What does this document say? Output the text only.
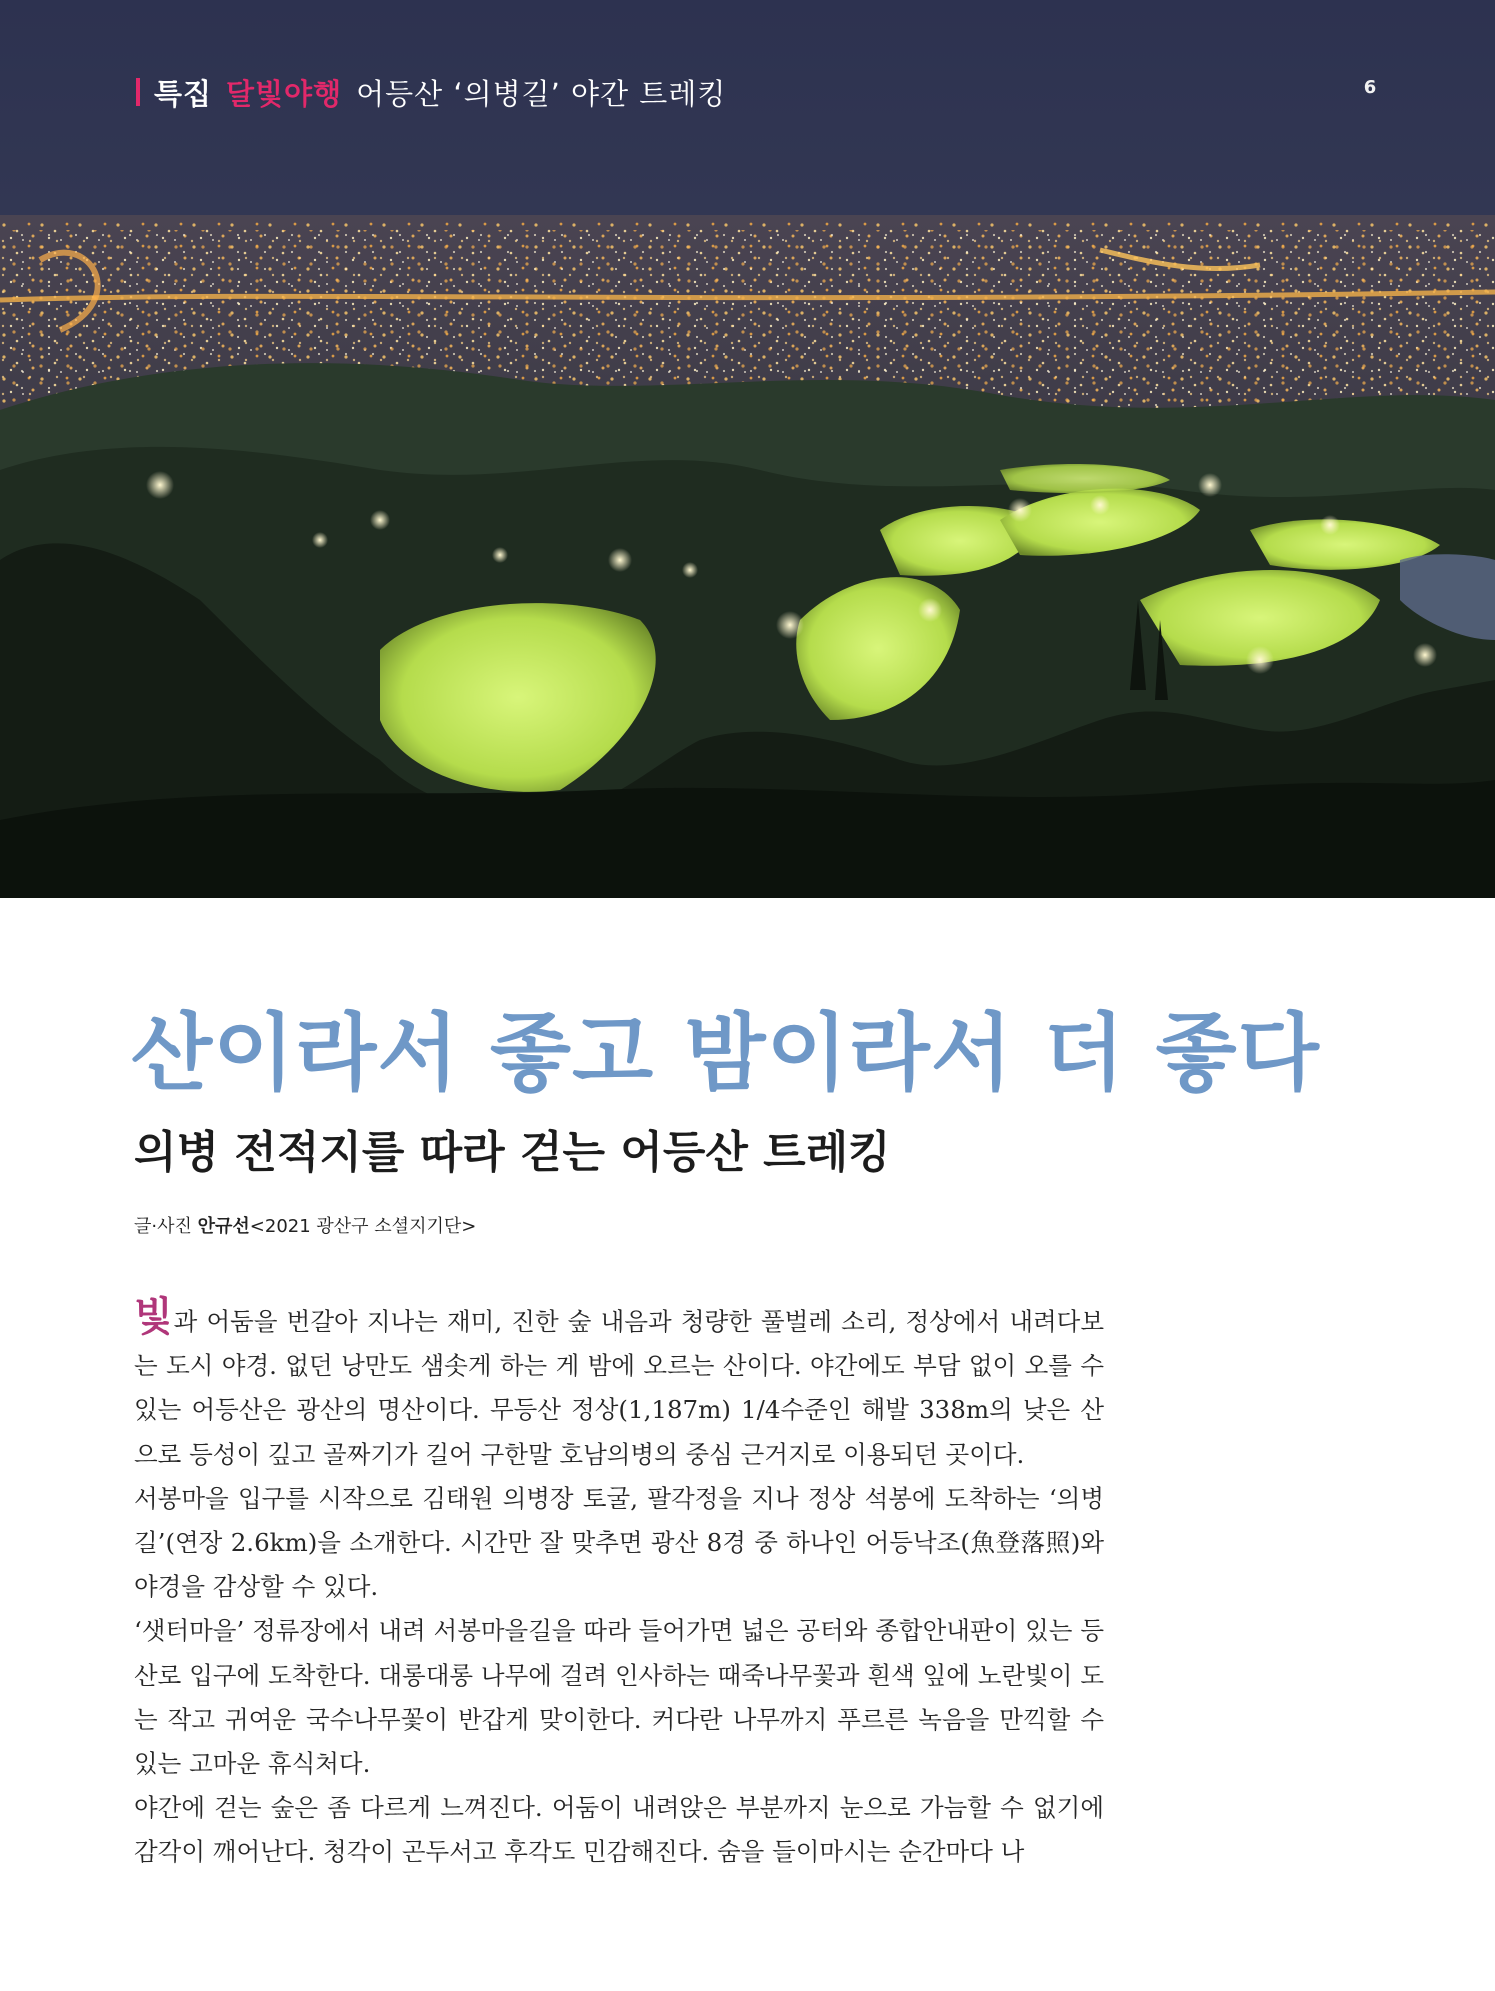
특집 달빛야행 어등산 ‘의병길’ 야간 트레킹	6
산이라서 좋고 밤이라서 더 좋다
의병 전적지를 따라 걷는 어등산 트레킹

글·사진 안규선<2021 광산구 소셜지기단>

빛과 어둠을 번갈아 지나는 재미, 진한 숲 내음과 청량한 풀벌레 소리, 정상에서 내려다보는 도시 야경. 없던 낭만도 샘솟게 하는 게 밤에 오르는 산이다. 야간에도 부담 없이 오를 수 있는 어등산은 광산의 명산이다. 무등산 정상(1,187m) 1/4수준인 해발 338m의 낮은 산으로 등성이 깊고 골짜기가 길어 구한말 호남의병의 중심 근거지로 이용되던 곳이다.

서봉마을 입구를 시작으로 김태원 의병장 토굴, 팔각정을 지나 정상 석봉에 도착하는 ‘의병길’(연장 2.6km)을 소개한다. 시간만 잘 맞추면 광산 8경 중 하나인 어등낙조(魚登落照)와 야경을 감상할 수 있다.

‘샛터마을’ 정류장에서 내려 서봉마을길을 따라 들어가면 넓은 공터와 종합안내판이 있는 등산로 입구에 도착한다. 대롱대롱 나무에 걸려 인사하는 때죽나무꽃과 흰색 잎에 노란빛이 도는 작고 귀여운 국수나무꽃이 반갑게 맞이한다. 커다란 나무까지 푸르른 녹음을 만끽할 수 있는 고마운 휴식처다.

야간에 걷는 숲은 좀 다르게 느껴진다. 어둠이 내려앉은 부분까지 눈으로 가늠할 수 없기에 감각이 깨어난다. 청각이 곤두서고 후각도 민감해진다. 숨을 들이마시는 순간마다 나
